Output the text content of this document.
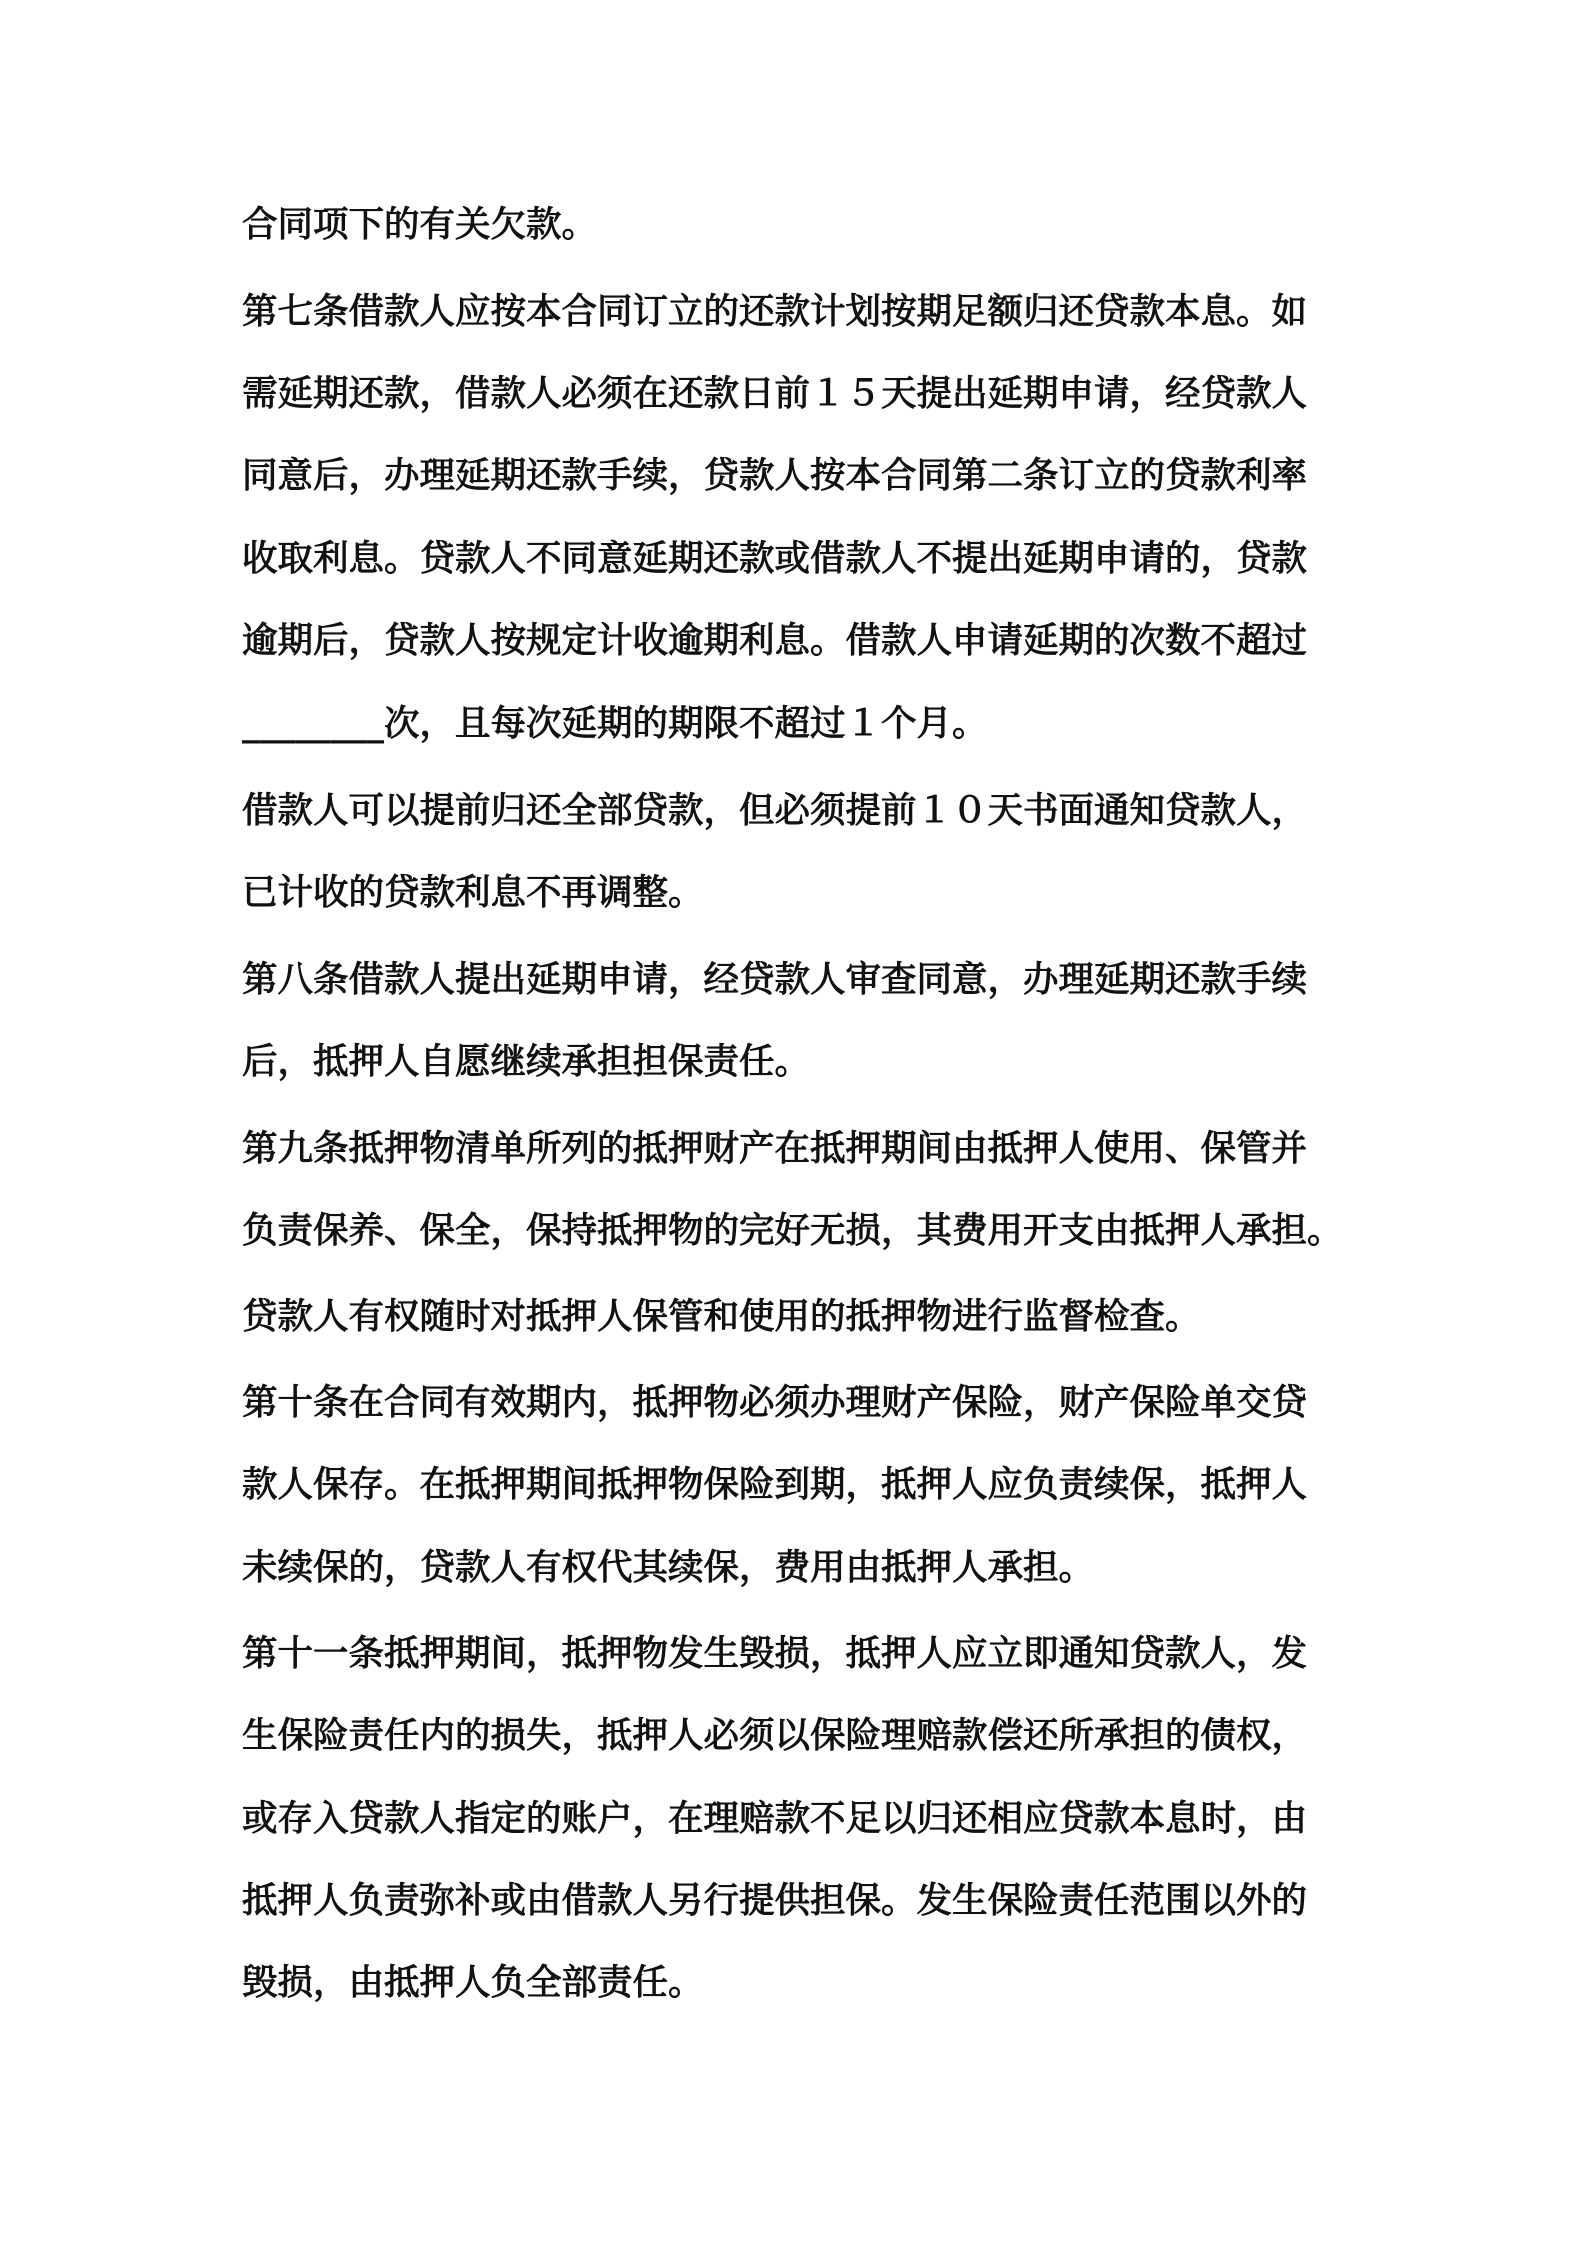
合同项下的有关欠款。

第七条借款人应按本合同订立的还款计划按期足额归还贷款本息。如

需延期还款，借款人必须在还款日前１５天提出延期申请，经贷款人

同意后，办理延期还款手续，贷款人按本合同第二条订立的贷款利率

收取利息。贷款人不同意延期还款或借款人不提出延期申请的，贷款

逾期后，贷款人按规定计收逾期利息。借款人申请延期的次数不超过

________次，且每次延期的期限不超过１个月。

借款人可以提前归还全部贷款，但必须提前１０天书面通知贷款人，

已计收的贷款利息不再调整。

第八条借款人提出延期申请，经贷款人审查同意，办理延期还款手续

后，抵押人自愿继续承担担保责任。

第九条抵押物清单所列的抵押财产在抵押期间由抵押人使用、保管并

负责保养、保全，保持抵押物的完好无损，其费用开支由抵押人承担。

贷款人有权随时对抵押人保管和使用的抵押物进行监督检查。

第十条在合同有效期内，抵押物必须办理财产保险，财产保险单交贷

款人保存。在抵押期间抵押物保险到期，抵押人应负责续保，抵押人

未续保的，贷款人有权代其续保，费用由抵押人承担。

第十一条抵押期间，抵押物发生毁损，抵押人应立即通知贷款人，发

生保险责任内的损失，抵押人必须以保险理赔款偿还所承担的债权，

或存入贷款人指定的账户，在理赔款不足以归还相应贷款本息时，由

抵押人负责弥补或由借款人另行提供担保。发生保险责任范围以外的

毁损，由抵押人负全部责任。
